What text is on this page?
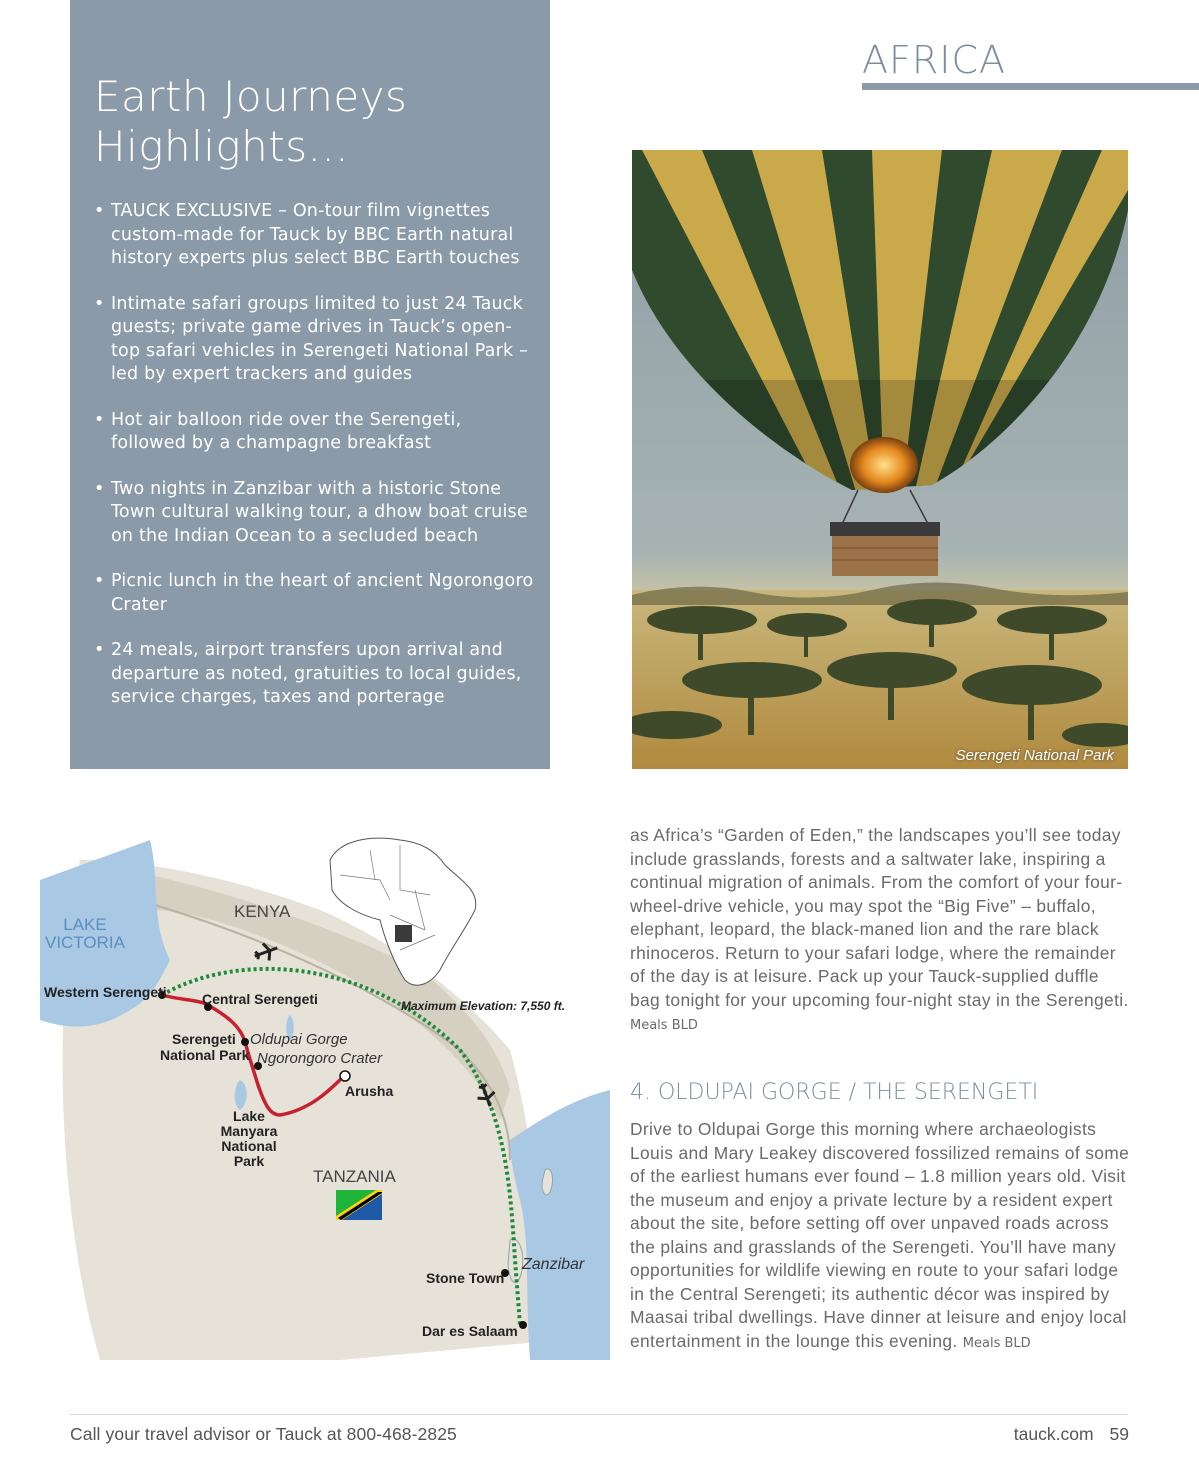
Earth Journeys
Highlights...
• TAUCK EXCLUSIVE – On-tour film vignettes custom-made for Tauck by BBC Earth natural history experts plus select BBC Earth touches
• Intimate safari groups limited to just 24 Tauck guests; private game drives in Tauck’s open-top safari vehicles in Serengeti National Park – led by expert trackers and guides
• Hot air balloon ride over the Serengeti, followed by a champagne breakfast
• Two nights in Zanzibar with a historic Stone Town cultural walking tour, a dhow boat cruise on the Indian Ocean to a secluded beach
• Picnic lunch in the heart of ancient Ngorongoro Crater
• 24 meals, airport transfers upon arrival and departure as noted, gratuities to local guides, service charges, taxes and porterage
AFRICA
Serengeti National Park

as Africa’s “Garden of Eden,” the landscapes you’ll see today include grasslands, forests and a saltwater lake, inspiring a continual migration of animals. From the comfort of your four-wheel-drive vehicle, you may spot the “Big Five” – buffalo, elephant, leopard, the black-maned lion and the rare black rhinoceros. Return to your safari lodge, where the remainder of the day is at leisure. Pack up your Tauck-supplied duffle bag tonight for your upcoming four-night stay in the Serengeti. Meals BLD

4. OLDUPAI GORGE / THE SERENGETI

Drive to Oldupai Gorge this morning where archaeologists Louis and Mary Leakey discovered fossilized remains of some of the earliest humans ever found – 1.8 million years old. Visit the museum and enjoy a private lecture by a resident expert about the site, before setting off over unpaved roads across the plains and grasslands of the Serengeti. You’ll have many opportunities for wildlife viewing en route to your safari lodge in the Central Serengeti; its authentic décor was inspired by Maasai tribal dwellings. Have dinner at leisure and enjoy local entertainment in the lounge this evening. Meals BLD

LAKE
VICTORIA
KENYA
TANZANIA
Maximum Elevation: 7,550 ft.
Western Serengeti	Central Serengeti
Serengeti
National Park
Oldupai Gorge
Ngorongoro Crater
Arusha
Lake
Manyara
National
Park
Zanzibar
Stone Town
Dar es Salaam
Call your travel advisor or Tauck at 800-468-2825	tauck.com 59
